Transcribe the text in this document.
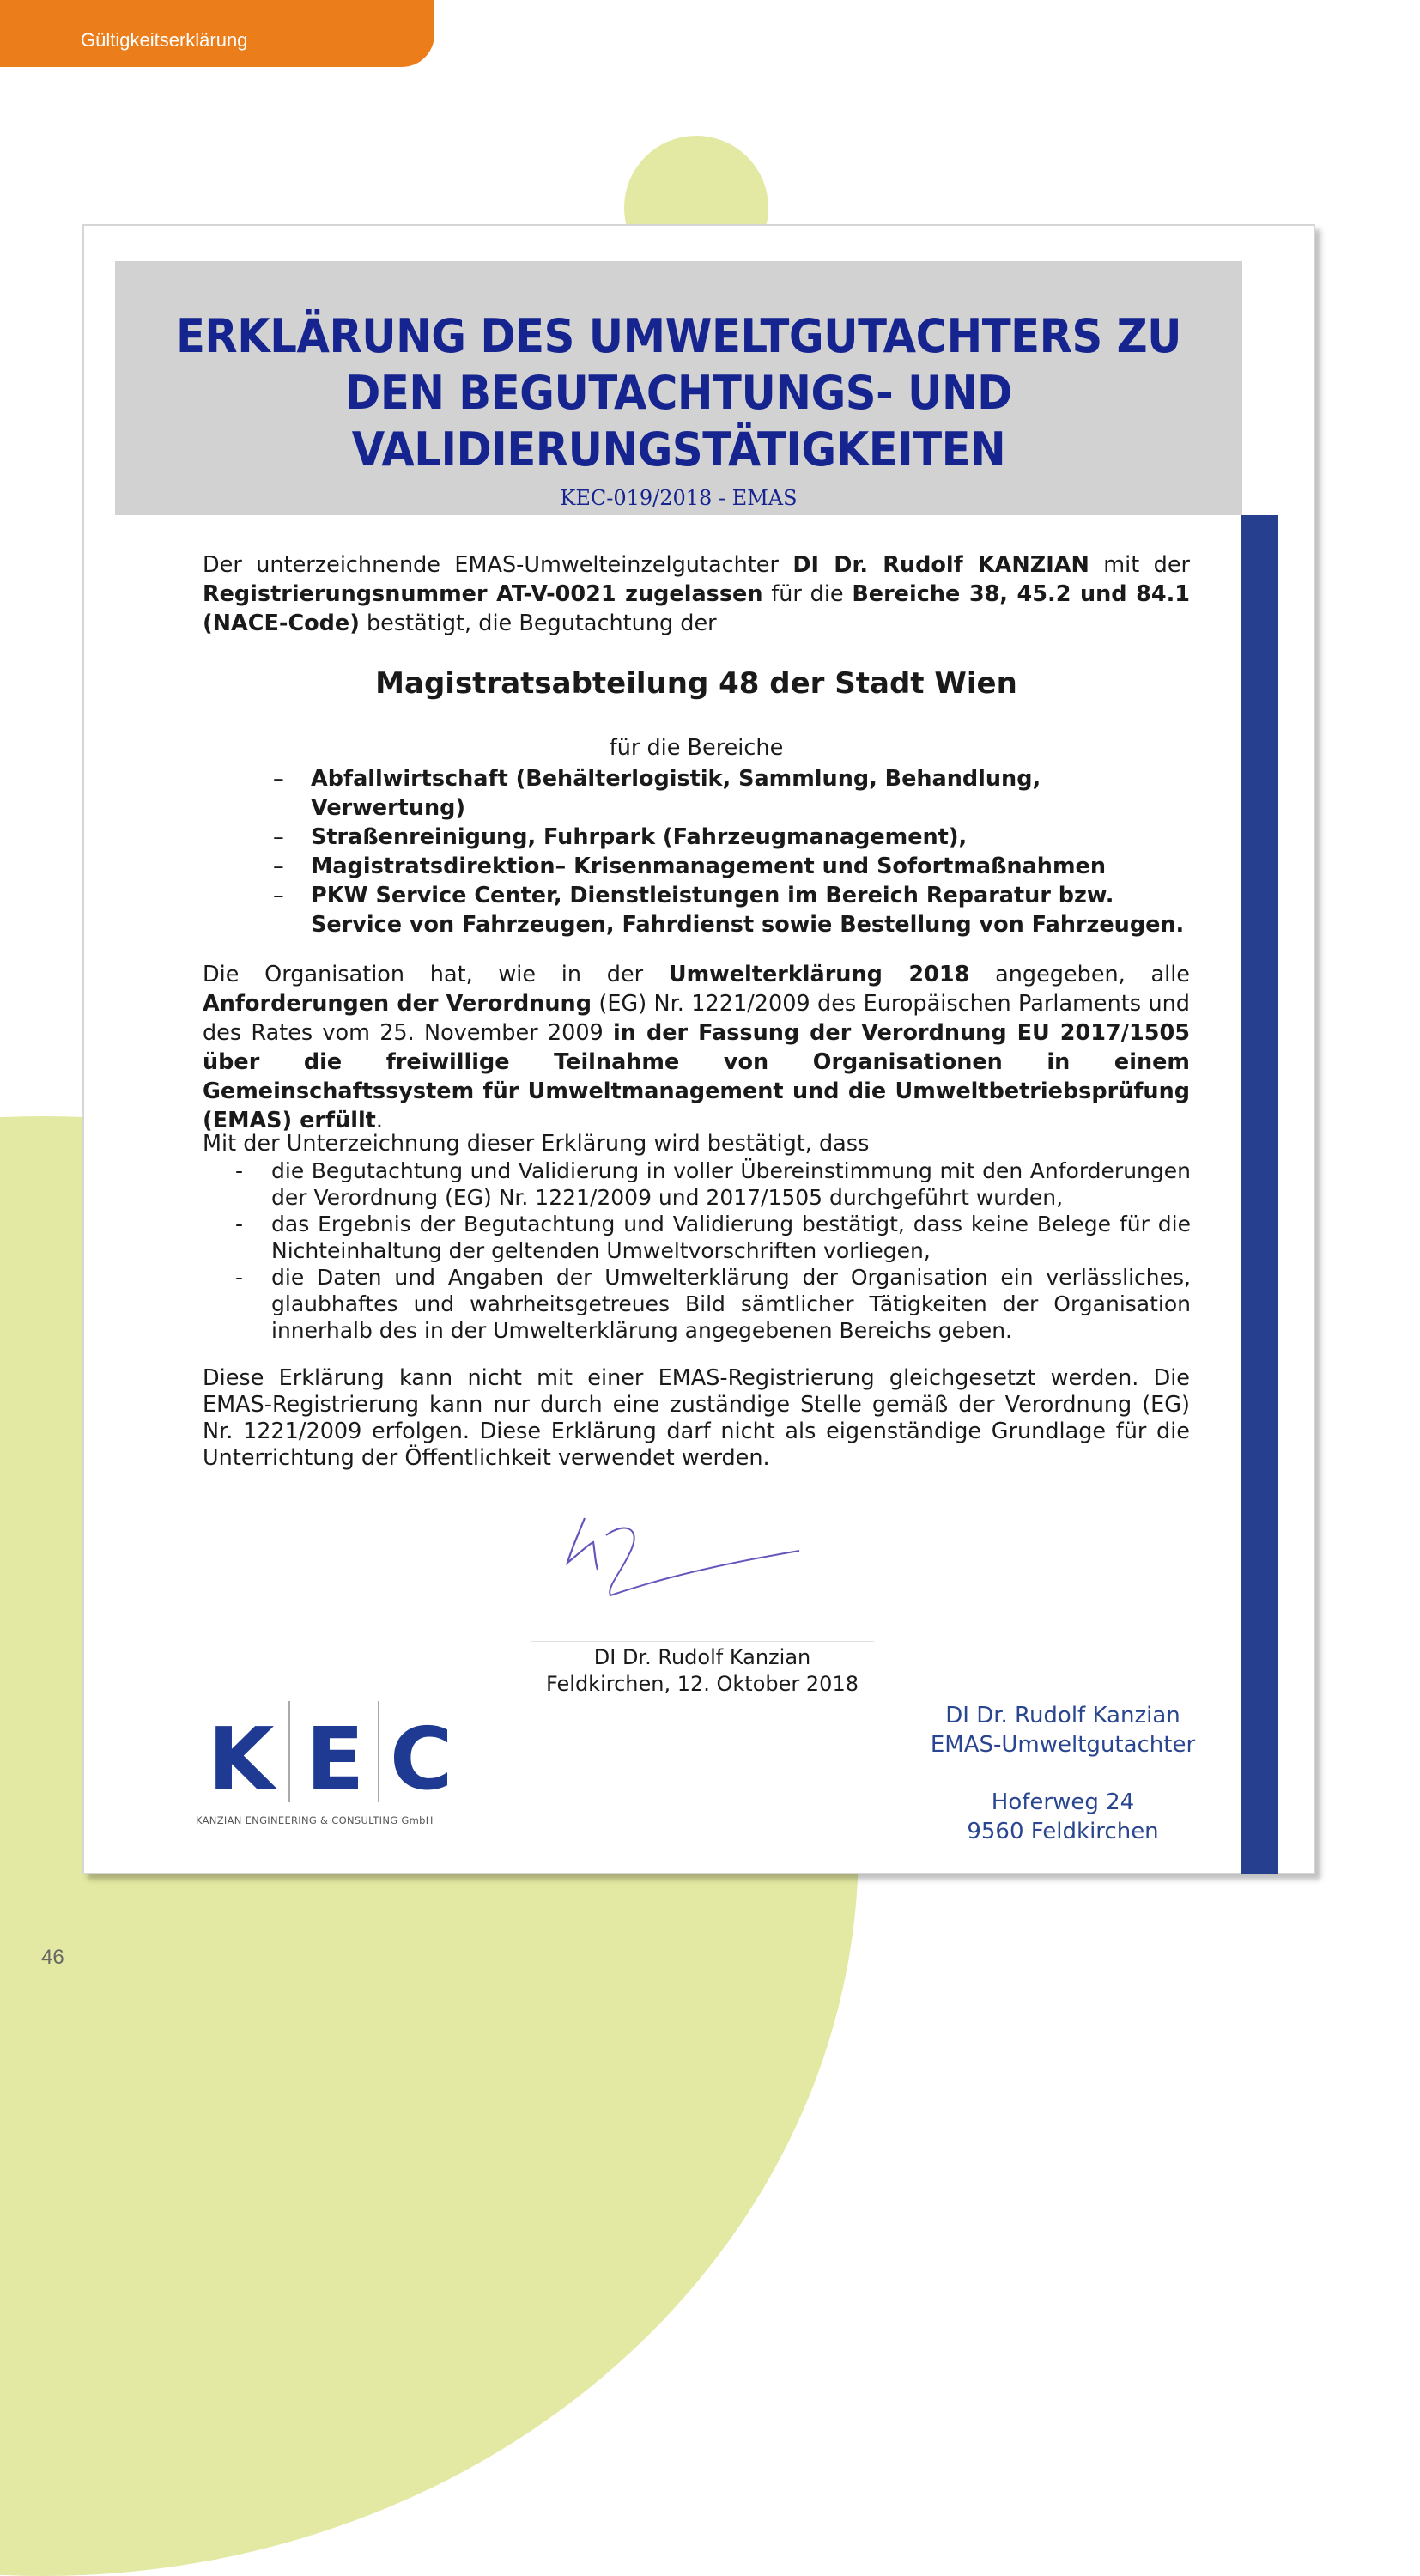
Gültigkeitserklärung
ERKLÄRUNG DES UMWELTGUTACHTERS ZU
DEN BEGUTACHTUNGS- UND
VALIDIERUNGSTÄTIGKEITEN
KEC-019/2018 - EMAS
Der unterzeichnende EMAS-Umwelteinzelgutachter DI Dr. Rudolf KANZIAN mit der Registrierungsnummer AT-V-0021 zugelassen für die Bereiche 38, 45.2 und 84.1 (NACE-Code) bestätigt, die Begutachtung der
Magistratsabteilung 48 der Stadt Wien
für die Bereiche
– Abfallwirtschaft (Behälterlogistik, Sammlung, Behandlung, Verwertung)
– Straßenreinigung, Fuhrpark (Fahrzeugmanagement),
– Magistratsdirektion– Krisenmanagement und Sofortmaßnahmen
– PKW Service Center, Dienstleistungen im Bereich Reparatur bzw. Service von Fahrzeugen, Fahrdienst sowie Bestellung von Fahrzeugen.
Die Organisation hat, wie in der Umwelterklärung 2018 angegeben, alle Anforderungen der Verordnung (EG) Nr. 1221/2009 des Europäischen Parlaments und des Rates vom 25. November 2009 in der Fassung der Verordnung EU 2017/1505 über die freiwillige Teilnahme von Organisationen in einem Gemeinschaftssystem für Umweltmanagement und die Umweltbetriebsprüfung (EMAS) erfüllt.
Mit der Unterzeichnung dieser Erklärung wird bestätigt, dass
- die Begutachtung und Validierung in voller Übereinstimmung mit den Anforderungen der Verordnung (EG) Nr. 1221/2009 und 2017/1505 durchgeführt wurden,
- das Ergebnis der Begutachtung und Validierung bestätigt, dass keine Belege für die Nichteinhaltung der geltenden Umweltvorschriften vorliegen,
- die Daten und Angaben der Umwelterklärung der Organisation ein verlässliches, glaubhaftes und wahrheitsgetreues Bild sämtlicher Tätigkeiten der Organisation innerhalb des in der Umwelterklärung angegebenen Bereichs geben.
Diese Erklärung kann nicht mit einer EMAS-Registrierung gleichgesetzt werden. Die EMAS-Registrierung kann nur durch eine zuständige Stelle gemäß der Verordnung (EG) Nr. 1221/2009 erfolgen. Diese Erklärung darf nicht als eigenständige Grundlage für die Unterrichtung der Öffentlichkeit verwendet werden.
DI Dr. Rudolf Kanzian
Feldkirchen, 12. Oktober 2018
K E C
KANZIAN ENGINEERING & CONSULTING GmbH
DI Dr. Rudolf Kanzian
EMAS-Umweltgutachter
Hoferweg 24
9560 Feldkirchen
46
